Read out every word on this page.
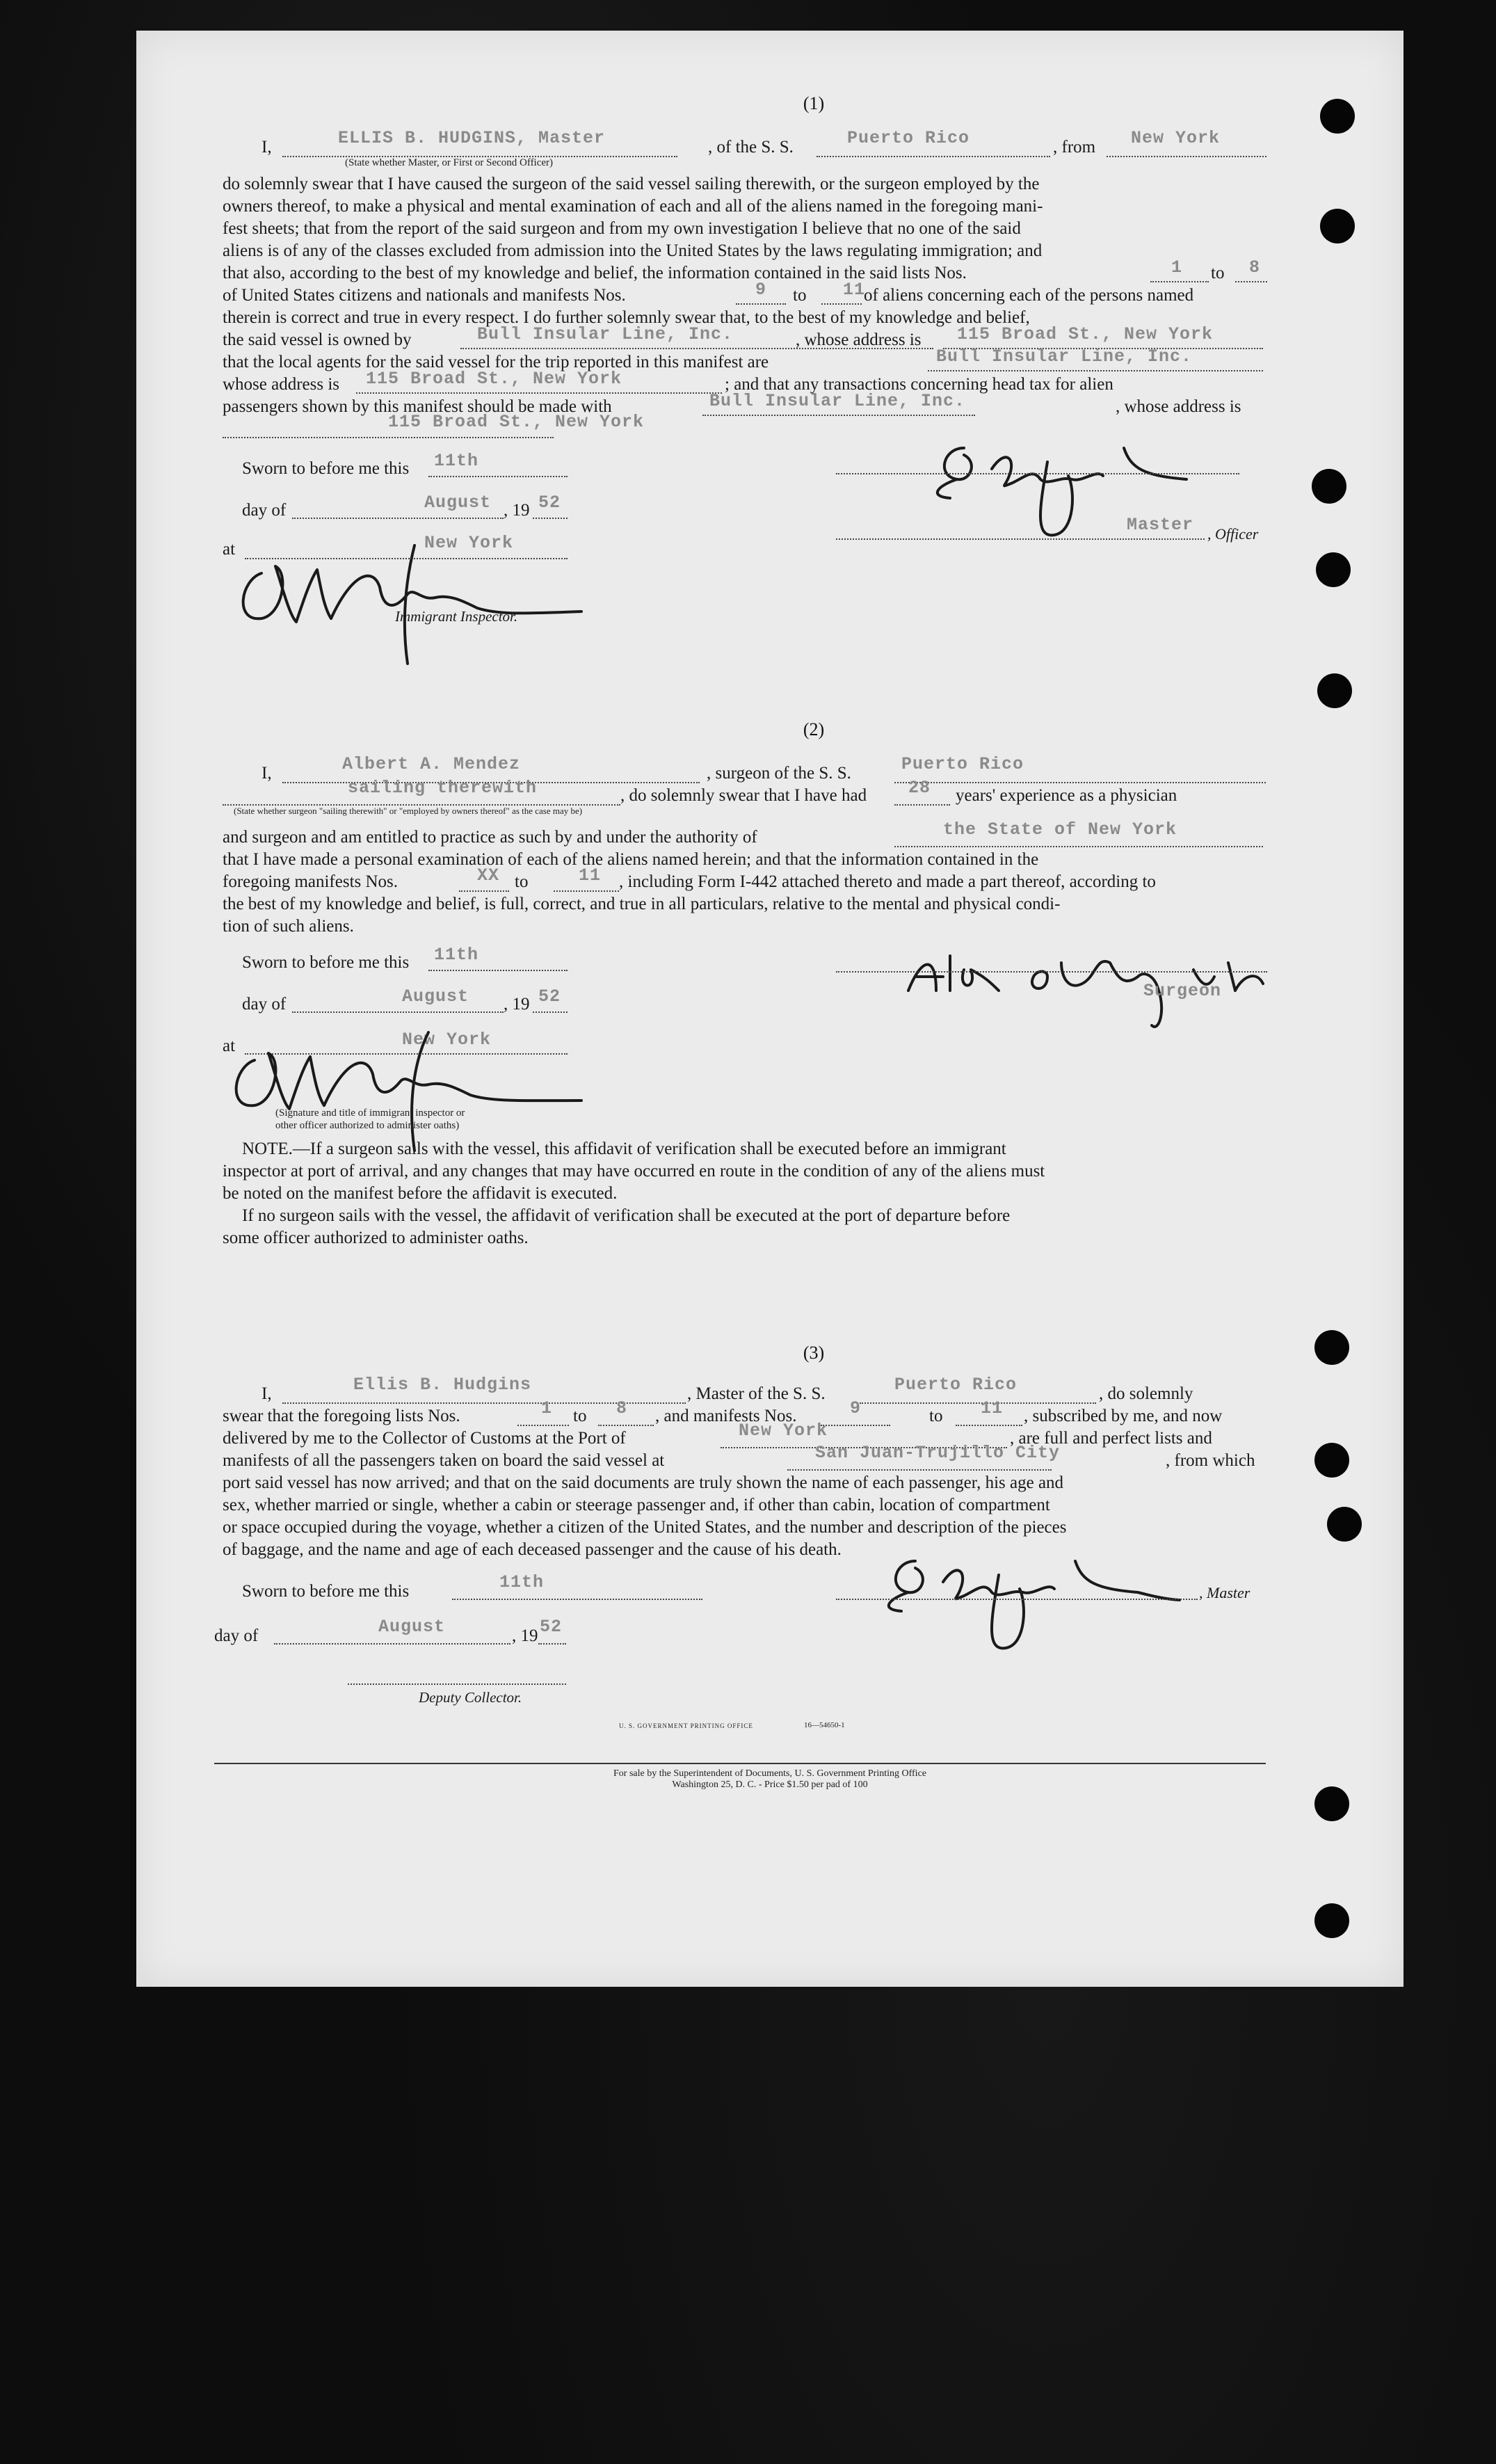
(1)
I,	ELLIS B. HUDGINS, Master	, of the S. S.	Puerto Rico	, from New York
(State whether Master, or First or Second Officer)
do solemnly swear that I have caused the surgeon of the said vessel sailing therewith, or the surgeon employed by the
owners thereof, to make a physical and mental examination of each and all of the aliens named in the foregoing mani-
fest sheets; that from the report of the said surgeon and from my own investigation I believe that no one of the said
aliens is of any of the classes excluded from admission into the United States by the laws regulating immigration; and
that also, according to the best of my knowledge and belief, the information contained in the said lists Nos.	1 to 8
of United States citizens and nationals and manifests Nos.	9 to 11
of aliens concerning each of the persons named
therein is correct and true in every respect. I do further solemnly swear that, to the best of my knowledge and belief,
the said vessel is owned by	Bull Insular Line, Inc.	, whose address is 115 Broad St., New York
that the local agents for the said vessel for the trip reported in this manifest are	Bull Insular Line, Inc.
whose address is 115 Broad St., New York	; and that any transactions concerning head tax for alien
passengers shown by this manifest should be made with	Bull Insular Line, Inc.	, whose address is
115 Broad St., New York
Sworn to before me this 11th
day of	August , 19 52
at	New York
Immigrant Inspector.
Master , Officer
(2)
I,	Albert A. Mendez	, surgeon of the S. S.	Puerto Rico
sailing therewith	, do solemnly swear that I have had 28 years' experience as a physician
(State whether surgeon "sailing therewith" or "employed by owners thereof" as the case may be)
and surgeon and am entitled to practice as such by and under the authority of	the State of New York
that I have made a personal examination of each of the aliens named herein; and that the information contained in the
foregoing manifests Nos.	XX to	11 , including Form I-442 attached thereto and made a part thereof, according to
the best of my knowledge and belief, is full, correct, and true in all particulars, relative to the mental and physical condi-
tion of such aliens.
Sworn to before me this 11th
day of	August , 19 52
at	New York
(Signature and title of immigrant inspector or
other officer authorized to administer oaths)
Surgeon
NOTE.—If a surgeon sails with the vessel, this affidavit of verification shall be executed before an immigrant
inspector at port of arrival, and any changes that may have occurred en route in the condition of any of the aliens must
be noted on the manifest before the affidavit is executed.
If no surgeon sails with the vessel, the affidavit of verification shall be executed at the port of departure before
some officer authorized to administer oaths.
(3)
I,	Ellis B. Hudgins	, Master of the S. S.	Puerto Rico	, do solemnly
swear that the foregoing lists Nos.	1 to 8 , and manifests Nos.	9	to 11 , subscribed by me, and now
delivered by me to the Collector of Customs at the Port of	New York	, are full and perfect lists and
manifests of all the passengers taken on board the said vessel at	San Juan-Trujillo City	, from which
port said vessel has now arrived; and that on the said documents are truly shown the name of each passenger, his age and
sex, whether married or single, whether a cabin or steerage passenger and, if other than cabin, location of compartment
or space occupied during the voyage, whether a citizen of the United States, and the number and description of the pieces
of baggage, and the name and age of each deceased passenger and the cause of his death.
Sworn to before me this	11th
day of	August	, 19 52
Deputy Collector.
, Master
U. S. GOVERNMENT PRINTING OFFICE	16—54650-1
For sale by the Superintendent of Documents, U. S. Government Printing Office
Washington 25, D. C. - Price $1.50 per pad of 100
